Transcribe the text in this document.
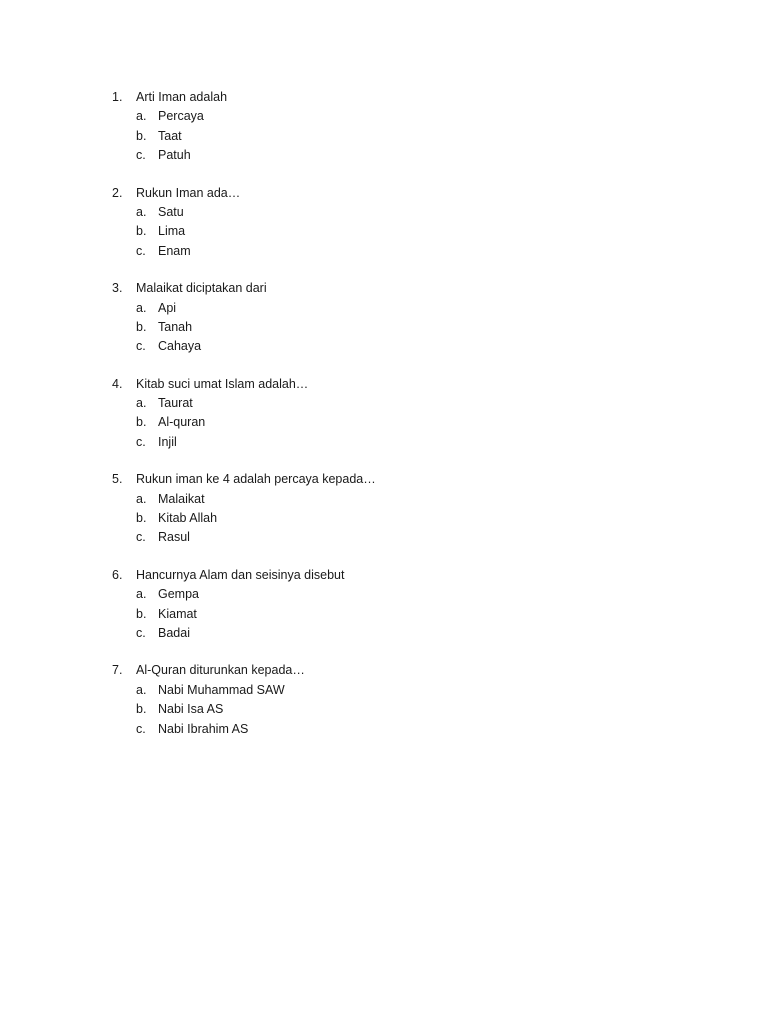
1.	Arti Iman adalah
a. Percaya
b. Taat
c. Patuh
2.	Rukun Iman ada…
a. Satu
b. Lima
c. Enam
3.	Malaikat diciptakan dari
a. Api
b. Tanah
c. Cahaya
4.	Kitab suci umat Islam adalah…
a. Taurat
b. Al-quran
c. Injil
5.	Rukun iman ke 4 adalah percaya kepada…
a. Malaikat
b. Kitab Allah
c. Rasul
6.	Hancurnya Alam dan seisinya disebut
a. Gempa
b. Kiamat
c. Badai
7.	Al-Quran diturunkan kepada…
a. Nabi Muhammad SAW
b. Nabi Isa AS
c. Nabi Ibrahim AS
